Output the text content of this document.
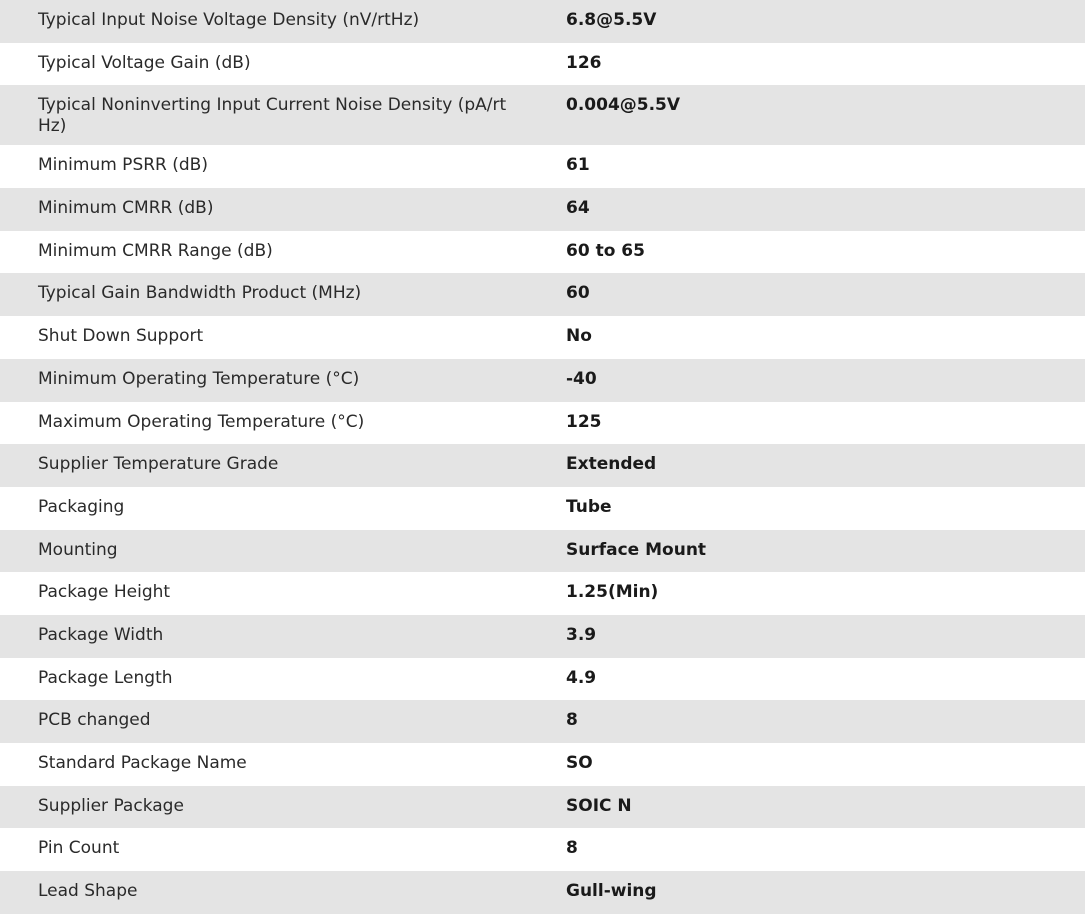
Typical Input Noise Voltage Density (nV/rtHz)	6.8@5.5V
Typical Voltage Gain (dB)	126
Typical Noninverting Input Current Noise Density (pA/rt Hz)	0.004@5.5V
Minimum PSRR (dB)	61
Minimum CMRR (dB)	64
Minimum CMRR Range (dB)	60 to 65
Typical Gain Bandwidth Product (MHz)	60
Shut Down Support	No
Minimum Operating Temperature (°C)	-40
Maximum Operating Temperature (°C)	125
Supplier Temperature Grade	Extended
Packaging	Tube
Mounting	Surface Mount
Package Height	1.25(Min)
Package Width	3.9
Package Length	4.9
PCB changed	8
Standard Package Name	SO
Supplier Package	SOIC N
Pin Count	8
Lead Shape	Gull-wing
